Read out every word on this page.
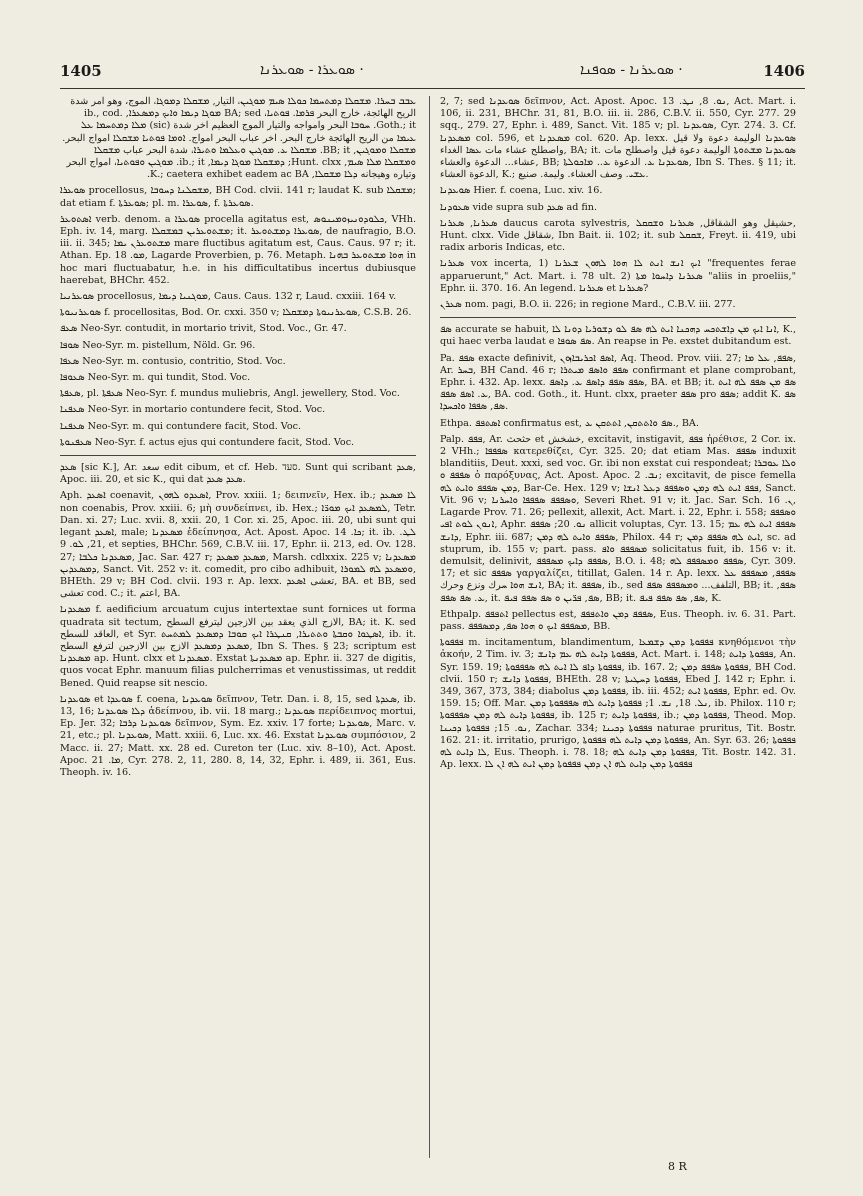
1405	ܣܘܥܪܐ - ܣܘܥܪܢܐ ·	ܣܘܥܪܢܐ - ܣܘܦܢܐ ·	1406

ܥܒܒ ܒܚܪܐ. ܡܫܩܠܐ ܕܡܬܚܡܐ ܟܘܠܐ ܣܝܡ ܡܘܓܝܢ، التيار, ܡܫܩܠܐ ܕܡܘܓܐ، الموج، وهو امر شدة الريح الهائجة، خارج البحر ܦܪܡܐ. ܦܘܬܝܐ، BA; sed ܡܘܓܐ ܕܝܡܐ ܘܐܝܟ ܕܡܣܥܪܐ, ib., cod. Goth.; it. ܚܘܒܐ البحر وامواجه والتيار الموج العظيم اخر شدة (sic) ܡܠܐ ܕܡܬܚܡܐ ܥܠ ܥܝܡܐ من الريح الهائجة خارج البحر. اخر عباب البحر امواج. ܐܘܡܐ ܦܘܬܝܐ ܡܫܩܠܐ امواج البحر. ܡܫܩܠܐ ܘܡܘܓܝܢ, BB; it. ܡܫܩܠܐ ܥ. ܡܘܓܝܢ ܘܥܠܡܐ ܘܬܝܪܐ، شدة البحر عباب ܡܫܩܠܐ ܘܡܫܩܠܐ ܡܠܐ ܣܝܡ, Hunt. clxx; ܕܡܫܩܠܐ ܡܘܓܐ ܕܝܡܐ, ib.; it. ܡܘܓܝܢ ܘܦܘܬܝܐ، امواج البحر وتياره وهيجانه ܕܠܐ ܡܫܩܠܐ, K.; caetera exhibet eadem ac BA.

ܣܘܥܪܐ procellosus, ܡܫܩܠܢܐ ܕܚܘܒܐ, BH Cod. clvii. 141 r; laudat K. sub ܡܫܩܠܐ; dat etiam f. ܣܘܥܪܬܐ; pl. m. ܣܘܥܪܐ, f. ܣܘܥܪܬܐ.

ܐܣܬܘܥܪ verb. denom. a ܣܘܥܪܐ procella agitatus est, ܟܠܘܕܘܢܝܙܘܡܝܢܘܣ, VHh. Eph. iv. 14, marg. ܡܫܬܘܥܪܝܢ ܒܡܫܩܠܐ; it. ܣܘܥܪܐ ܕܡܫܬܘܥܪ, de naufragio, B.O. iii. ii. 345; ܡܫܬܘܥܪܢ ܝܡܐ mare fluctibus agitatum est, Caus. Caus. 97 r; it. Athan. Ep. ܡܘ. 18, Lagarde Proverbien, p. 76. Metaph. ܗܘܐ ܡܫܬܘܥܪ ܒܗܢܐ in hoc mari fluctuabatur, h.e. in his difficultatibus incertus dubiusque haerebat, BHChr. 452.

ܣܘܥܪܢܝܐ procellosus, ܡܘܓܢܝܐ ܕܝܡܐ, Caus. Caus. 132 r, Laud. cxxiii. 164 v.

ܣܘܥܪܢܝܘܬܐ f. procellositas, Bod. Or. cxxi. 350 v; ܣܘܥܪܢܝܘܬܐ ܕܡܫܩܠܐ, C.S.B. 26.

ܣܥܦ Neo-Syr. contudit, in mortario trivit, Stod. Voc., Gr. 47.

ܣܘܦܐ Neo-Syr. m. pistellum, Nöld. Gr. 96.

ܣܥܦܐ Neo-Syr. m. contusio, contritio, Stod. Voc.

ܣܥܘܦܐ Neo-Syr. m. qui tundit, Stod. Voc.

ܣܥܦܬܐ, pl. ܣܥܦܬܐ Neo-Syr. f. mundus muliebris, Angl. jewellery, Stod. Voc.

ܣܥܦܢܐ Neo-Syr. in mortario contundere fecit, Stod. Voc.

ܣܥܦܢܐ Neo-Syr. m. qui contundere facit, Stod. Voc.

ܣܥܦܢܘܬܐ Neo-Syr. f. actus ejus qui contundere facit, Stod. Voc.

ܣܥܕ [sic K.], Ar. سعد edit cibum, et cf. Heb. סעד. Sunt qui scribant ܣܥܕ, Apoc. iii. 20, et sic K., qui dat ܣܥܕ ܣܥܕ.

Aph. ܐܣܥܕ coenavit, ܐܣܥܕܘ ܠܗܘܢ, Prov. xxiii. 1; δειπνεῖν, Hex. ib.; ܠܐ ܡܣܥܕ non coenabis, Prov. xxiii. 6; μὴ συνδείπνει, ib. Hex.; ܠܡܣܥܕ ܐܝܟ ܡܘܪ̈ܐ, Tetr. Dan. xi. 27; Luc. xvii. 8, xxii. 20, 1 Cor. xi. 25, Apoc. iii. 20, ubi sunt qui legant ܐܣܥܕ, male; ܡܣܥܕܢܐ ἐδείπνησα, Act. Apost. Apoc. ܟܐ. 14; it. ib. ܠܛ. 21, ܠܘ. 9, et septies, BHChr. 569, C.B.V. iii. 17, Ephr. ii. 213, ed. Ov. 128. 27; ܡܣܥܕܢܐ ܟܠܒܐ, Jac. Sar. 427 r; ܡܣܥܕ ܡܣܥܕ, Marsh. cdlxxix. 225 v; ܡܣܥܕܢܐ ܕܡܣܥܕܝܢ, Sanct. Vit. 252 v: it. comedit, pro cibo adhibuit, ܘܡܣܥܕ ܠܗ ܠܡܘܪܐ, BHEth. 29 v; BH Cod. clvii. 193 r. Ap. lexx. تعشى ܐܣܥܕ, BA. et BB, sed تعشى cod. C.; it. اعتم, BA.

ܡܣܥܕܢܐ f. aedificium arcuatum cujus intertextae sunt fornices ut forma quadrata sit tectum, الازج الذي يعقد بين الازجين ليترفع السطح, BA; it. K. sed العاقد للسطح, et Syr. ܐܣܛܘܐ ܘܩܒܬܐ ܘܬܬܝܪܐ, ܩܢܛܪܐ ܐܝܟ ܩܘܒܐ ܕܡܣܥܕ ܠܡܬܚܬ, ib. it. ܡܣܥܕ ܕܡܣܥܕ الازج بين الازجين لترفع السطح, Ibn S. Thes. § 23; scriptum est ܡܣܥܕܢܐ ap. Hunt. clxx et ܡܣܥܕܢܐ. Exstat ܡܣܥܕܢܬܐ ap. Ephr. ii. 327 de digitis, quos vocat Ephr. manuum filias pulcherrimas et venustissimas, ut reddit Bened. Quid reapse sit nescio.

ܣܘܥܕܢܐ et ܣܘܥܕܐ f. coena, ܣܘܥܕܢܐ δεῖπνον, Tetr. Dan. i. 8, 15, sed ܣܥܕܬܐ, ib. 13, 16; ܕܠܐ ܣܘܥܕܢܐ ἀδείπνου, ib. vii. 18 marg.; ܣܘܥܕܢܐ περίδειπνος mortui, Ep. Jer. 32; ܣܘܥܕܢܐ ܕܪܒܐ δεῖπνον, Sym. Ez. xxiv. 17 forte; ܣܘܥܕܢܐ, Marc. v. 21, etc.; pl. ܣܘܥܕܢܐ, Matt. xxiii. 6, Luc. xx. 46. Exstat ܣܘܥܕܢܐ συμπόσιον, 2 Macc. ii. 27; Matt. xx. 28 ed. Cureton ter (Luc. xiv. 8–10), Act. Apost. Apoc. ܡܐ. 21, Cyr. 278. 2, 11, 280. 8, 14, 32, Ephr. i. 489, ii. 361, Eus. Theoph. iv. 16.

2, 7; sed ܣܘܥܕܢܐ δεῖπνον, Act. Apost. Apoc. ܢܘ. 8, ܢܛ. 13, Act. Mart. i. 106, ii. 231, BHChr. 31, 81, B.O. iii. ii. 286, C.B.V. ii. 550, Cyr. 277. 29 sqq., 279. 27, Ephr. i. 489, Sanct. Vit. 185 v; pl. ܣܘܥܕܢܐ, Cyr. 274. 3. Cf. ܡܣܥܕܢܐ col. 596, et ܡܣܥܕܢܐ col. 620. Ap. lexx. ܣܘܥܕܢܐ الوليمة دعوة ولا قيل واصطلح عشاء مات ܥܣܐ الغداء, BA; it. ܣܘܥܕܢܐ ܡܫܬܘܬܐ الوليمة دعوة قيل واصطلح مات عشاء... الدعوة والعشاء, BB; ܣܘܥܕܢܐ ܥ. الدعوة ܥ.. ܡܐܟܘܠܬܐ, Ibn S. Thes. § 11; it. الدعوة العشاء, K.; ܥܫܝ. وصف العشاء. وليمة. صنيع.

ܣܘܥܕܢܐ Hier. f. coena, Luc. xiv. 16.

ܣܥܘܕܢܐ vide supra sub ܣܥܕ ad fin.

ܣܥܪܢܐ, ܣܥܪܢܐ daucus carota sylvestris, حشيقل وهو الشقاقل, ܣܥܪܢܐ ܘܫܩܩܠ, Hunt. clxx. Vide شقاقل, Ibn Bait. ii. 102; it. sub ܫܩܩܠ, Freyt. ii. 419, ubi radix arboris Indicas, etc.

ܣܥܪܢܐ vox incerta, 1) ܐܝܟ ܐܢܫ ܐܢܬ ܠܐ ܗܘܐ ܠܗܘܢ ܫܥܪܢܐ "frequentes ferae apparuerunt," Act. Mart. i. 78 ult. 2) ܣܥܪܢܐ ܕܐܚܘܐ ܡܬܐ "aliis in proeliis," Ephr. ii. 370. 16. An legend. ܣܥܪܢܐ et ܣܥܪܢܐ?

ܣܥܪܢ nom. pagi, B.O. ii. 226; in regione Mard., C.B.V. iii. 277.

ܣܦ accurate se habuit, ܐܢܐ ܐܝܟ ܡܢ ܕܐܫܬܟܚ ܕܗܟܢܐ ܐܝܬ ܠܗ ܣܦ ܠܘ ܕܫܘܪܝܐ ܕܘܢܐ ܠܐ, K., qui haec verba laudat e ܣܦ ܣܘܦܐ. An reapse in Pe. exstet dubitandum est.

Pa. ܣܦܦ exacte definivit, ܐܣܦ ܐܟܪܝܒܐܙܘܢ, Aq. Theod. Prov. viii. 27; ܣܦܦ, ܥܠ ܡܐ, Ar. ܒܚܪ, BH Cand. 46 r; ܣܦܦ ܘܐܣܦ ܡܝܬܪܐ confirmant et plane comprobant, Ephr. i. 432. Ap. lexx. ܣܦܦ ܣܦܦ ܕܐܣܦ ܥ. ܕܐܣܦ, BA. et BB; it. ܣܦ ܡܢ ܣܦܦ ܠܗ ܐܝܬ ܥ. ܐܣܦ ܣܦܦ, BA. cod. Goth., it. Hunt. clxx, praeter ܣܦܦ pro ܣܦܦ; addit K. ܣܦ ܣܦ, ܣܦܦܐ ܘܐܟܚܕܐ.

Ethpa. ܐܣܬܦܦ confirmatus est, ܣܦ ܘܐܬܬܩܢ, ܐܬܬܩܢ ܥ., BA.

Palp. ܦܦܦ, Ar. حثحث et خشخش, excitavit, instigavit, ܦܦܦ ἠρέθισε, 2 Cor. ix. 2 VHh.; ܣܦܦܦܐ κατερεθίζει, Cyr. 325. 20; dat etiam Mas. ܣܦܦܦ induxit blanditiis, Deut. xxxi, sed voc. Gr. ibi non exstat cui respondeat; ܘܠܐ ܥܘܒܪܐ ܣܦܦܦ ܘ ὁ παρόξυνας, Act. Apost. Apoc. ܢܒ. 2; excitavit, de pisce femella ܕܡܢ ܣܦܦܦ ܘܐܝܬ ܠܗ, Bar-Ce. Hex. 129 v; ܦܦܦ ܐܝܬ ܠܗ ܕܡܢ ܘܣܦܦܦ ܕܥܠ ܐܢܫܐ, Sanct. Vit. 96 v; ܘܣܦܦܦ ܣܦܦܦܐ ܘܐܚܪܢܐ, Severi Rhet. 91 v; it. Jac. Sar. Sch. ܢ. 16, Lagarde Prov. 71. 26; pellexit, allexit, Act. Mart. i. 22, Ephr. i. 558; ܘܣܦܦܦ ܐܢܘܢ ܠܘܬ ܐܦܝ, Aphr. ܢܘ. 20; ܣܦܦܦ allicit voluptas, Cyr. 13. 15; ܣܦܦܦ ܐܝܬ ܠܗ ܥܡ ܕܐܢܫ, Ephr. iii. 687; ܣܦܦܦ ܘܐܝܬ ܠܗ ܕܡܢ, Philox. 44 r; ܐܝܬ ܠܗ ܣܦܦܦ ܕܡܢ, sc. ad stuprum, ib. 155 v; part. pass. ܡܣܦܦܦ ܘܐܦ solicitatus fuit, ib. 156 v: it. demulsit, delinivit, ܣܦܦܦ ܕܐܝܟ ܡܣܦܦܦ, B.O. i. 48; ܣܦܦܦ ܘܡܣܦܦܦ ܠܗ, Cyr. 309. 17; et sic ܣܦܦܦ γαργαλίζει, titillat, Galen. 14 r. Ap. lexx. ܣܦܦܦ, ܡܣܦܦܦ ܥܠ ܐܢܫ ܗܘܐ ܚرك ونزع وحرك, BA; it. ܣܦܦܦ, ib., sed التلفف... ܘܡܣܦܦܦ ܣܦܦ, BB; it. ܣܦܦ, ܥ. ܣܦ ܣܦܦ, it. ܣܦ, ܦܪ̈ܝܢ ܘ ܣܦ ܣܦܦ ܦܝܦ, BB; it. ܣܦ, ܣܦ ܣܦܦ ܦܝܦ, K.

Ethpalp. ܐܬܦܦܦ pellectus est, ܣܦܦܦ ܕܡܢ ܘܐܬܦܦܦ, Eus. Theoph. iv. 6. 31. Part. pass. ܡܣܦܦܦ ܐܝܟ ܘ ܗܘܐ ܣܦ, ܕܡܣܦܦܦ, BB.

ܦܦܦܘܬܐ m. incitamentum, blandimentum, ܦܦܦܘܬܐ ܕܡܢ ܕܫܡܥܐ κνηθόμενοι τὴν ἀκοήν, 2 Tim. iv. 3; ܦܦܦܘܬܐ ܕܐܝܬ ܠܗ ܥܡ ܕܐܢܫ, Act. Mart. i. 148; ܦܦܦܘܬܐ ܕܐܝܬ, An. Syr. 159. 19; ܦܦܦܘܬܐ ܕܐܦ ܠܐ ܐܝܬ ܠܗ ܣܦܦܦܘܬܐ, ib. 167. 2; ܦܦܦܘܬܐ ܣܦܦܦ ܕܡܢ, BH Cod. clvii. 150 r; ܦܦܦܘܬܐ ܕܐܢܫ, BHEth. 28 v; ܦܦܦܘܬܐ ܕܚܛܝܬܐ, Ebed J. 142 r; Ephr. i. 349, 367, 373, 384; diabolus ܦܦܦܘܬܐ ܕܡܢ, ib. iii. 452; ܦܦܦܘܬܐ ܐܝܬ, Ephr. ed. Ov. 159. 15; Off. Mar. ܢܠ. 18, ܢܫ. 1; ܦܦܦܘܬܐ ܕܐܝܬ ܠܗ ܣܦܦܦܘܬܐ ܕܡܢ, ib. Philox. 110 r; ܦܦܦܘܬܐ ܕܐܝܬ ܠܗ ܕܡܢ ܣܦܦܦܘܬܐ, ib. 125 r; ܦܦܦܘܬܐ ܕܐܝܬ, ib.; ܦܦܦܘܬܐ ܕܡܢ, Theod. Mop. ܢܘ. 15; ܦܦܦܘܬܐ ܕܟܝܢܐ, Zachar. 334; ܦܦܦܘܬܐ ܕܟܝܢܐ naturae pruritus, Tit. Bostr. 162. 21: it. irritatio, prurigo, ܦܦܦܘܬܐ ܕܡܢ ܕܐܝܬ ܠܗ ܦܦܦܘܬܐ, An. Syr. 63. 26; ܦܦܦܘܬܐ ܠܐ ܕܐܝܬ ܠܗ, Eus. Theoph. i. 78. 18; ܦܦܦܘܬܐ ܕܡܢ ܕܐܝܬ ܠܗ, Tit. Bostr. 142. 31. Ap. lexx. ܦܦܦܘܬܐ ܕܡܢ ܕܐܝܬ ܠܗ ܐܢ ܕܡܢ ܦܦܦܘܬܐ ܕܡܢ ܐܝܬ ܠܗ ܐܢ ܠܐ

8 R
